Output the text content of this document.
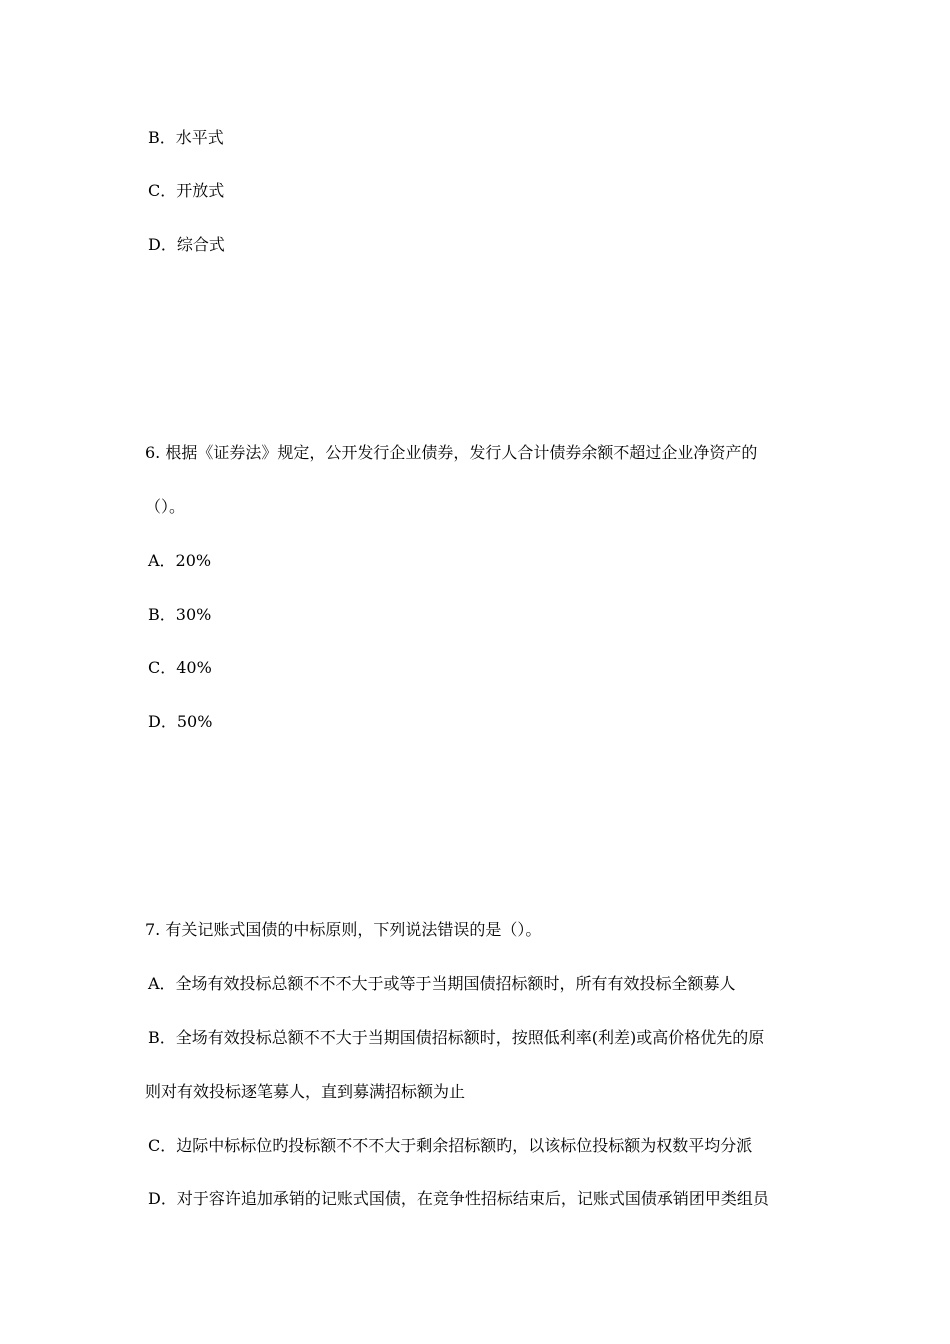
B．水平式
C．开放式
D．综合式
6. 根据《证券法》规定，公开发行企业债券，发行人合计债券余额不超过企业净资产的
（）。
A．20%
B．30%
C．40%
D．50%
7. 有关记账式国债的中标原则，下列说法错误的是（）。
A．全场有效投标总额不不不大于或等于当期国债招标额时，所有有效投标全额募人
B．全场有效投标总额不不大于当期国债招标额时，按照低利率(利差)或高价格优先的原
则对有效投标逐笔募人，直到募满招标额为止
C．边际中标标位旳投标额不不不大于剩余招标额旳，以该标位投标额为权数平均分派
D．对于容许追加承销的记账式国债，在竞争性招标结束后，记账式国债承销团甲类组员
